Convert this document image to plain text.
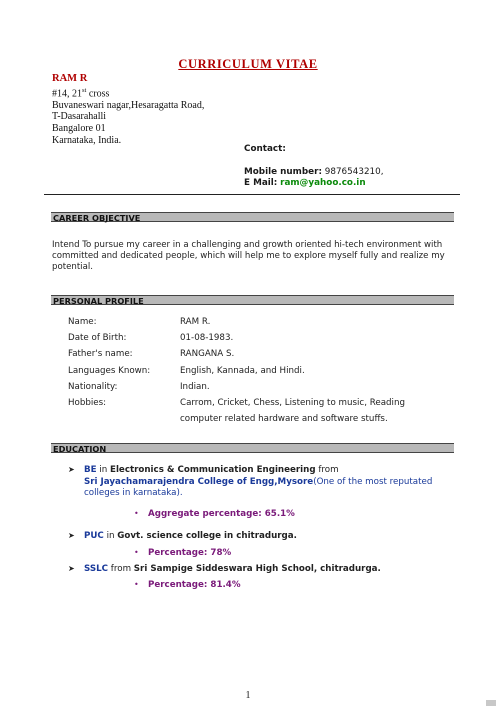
CURRICULUM VITAE
RAM R
#14, 21st cross
Buvaneswari nagar,Hesaragatta Road,
T-Dasarahalli
Bangalore 01
Karnataka, India.
Contact:
Mobile number: 9876543210,
E Mail: ram@yahoo.co.in
CAREER OBJECTIVE
Intend To pursue my career in a challenging and growth oriented hi-tech environment with committed and dedicated people, which will help me to explore myself fully and realize my potential.
PERSONAL PROFILE
Name:	RAM R.
Date of Birth:	01-08-1983.
Father's name:	RANGANA S.
Languages Known:	English, Kannada, and Hindi.
Nationality:	Indian.
Hobbies:	Carrom, Cricket, Chess, Listening to music, Reading
computer related hardware and software stuffs.
EDUCATION
➤ BE in Electronics & Communication Engineering from
Sri Jayachamarajendra College of Engg,Mysore(One of the most reputated colleges in karnataka).
• Aggregate percentage: 65.1%
➤ PUC in Govt. science college in chitradurga.
• Percentage: 78%
➤ SSLC from Sri Sampige Siddeswara High School, chitradurga.
• Percentage: 81.4%
1
